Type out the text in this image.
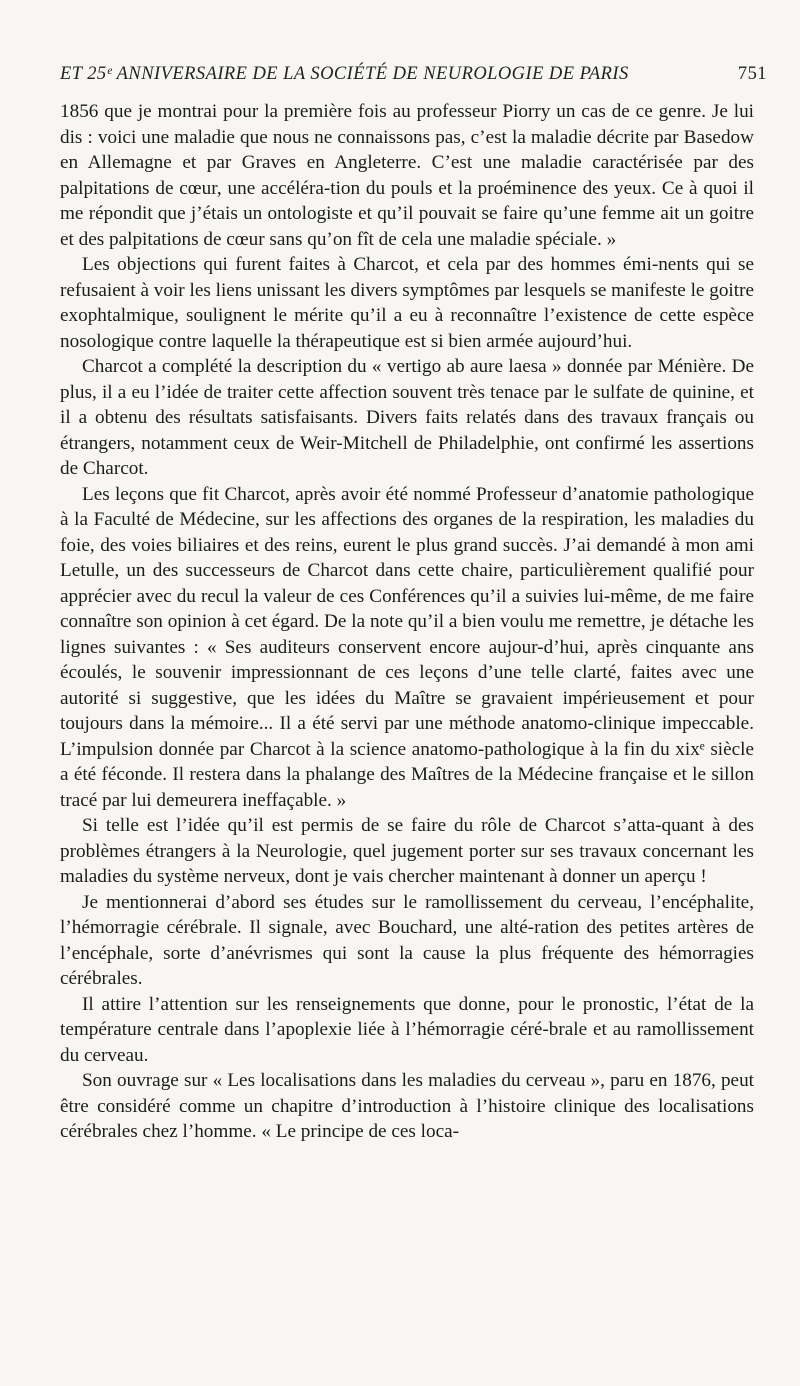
ET 25ᵉ ANNIVERSAIRE DE LA SOCIÉTÉ DE NEUROLOGIE DE PARIS	751

1856 que je montrai pour la première fois au professeur Piorry un cas de ce genre. Je lui dis : voici une maladie que nous ne connaissons pas, c’est la maladie décrite par Basedow en Allemagne et par Graves en Angleterre. C’est une maladie caractérisée par des palpitations de cœur, une accéléra-tion du pouls et la proéminence des yeux. Ce à quoi il me répondit que j’étais un ontologiste et qu’il pouvait se faire qu’une femme ait un goitre et des palpitations de cœur sans qu’on fît de cela une maladie spéciale. »

Les objections qui furent faites à Charcot, et cela par des hommes émi-nents qui se refusaient à voir les liens unissant les divers symptômes par lesquels se manifeste le goitre exophtalmique, soulignent le mérite qu’il a eu à reconnaître l’existence de cette espèce nosologique contre laquelle la thérapeutique est si bien armée aujourd’hui.

Charcot a complété la description du « vertigo ab aure laesa » donnée par Ménière. De plus, il a eu l’idée de traiter cette affection souvent très tenace par le sulfate de quinine, et il a obtenu des résultats satisfaisants. Divers faits relatés dans des travaux français ou étrangers, notamment ceux de Weir-Mitchell de Philadelphie, ont confirmé les assertions de Charcot.

Les leçons que fit Charcot, après avoir été nommé Professeur d’anatomie pathologique à la Faculté de Médecine, sur les affections des organes de la respiration, les maladies du foie, des voies biliaires et des reins, eurent le plus grand succès. J’ai demandé à mon ami Letulle, un des successeurs de Charcot dans cette chaire, particulièrement qualifié pour apprécier avec du recul la valeur de ces Conférences qu’il a suivies lui-même, de me faire connaître son opinion à cet égard. De la note qu’il a bien voulu me remettre, je détache les lignes suivantes : « Ses auditeurs conservent encore aujour-d’hui, après cinquante ans écoulés, le souvenir impressionnant de ces leçons d’une telle clarté, faites avec une autorité si suggestive, que les idées du Maître se gravaient impérieusement et pour toujours dans la mémoire... Il a été servi par une méthode anatomo-clinique impeccable. L’impulsion donnée par Charcot à la science anatomo-pathologique à la fin du xixᵉ siècle a été féconde. Il restera dans la phalange des Maîtres de la Médecine française et le sillon tracé par lui demeurera ineffaçable. »

Si telle est l’idée qu’il est permis de se faire du rôle de Charcot s’atta-quant à des problèmes étrangers à la Neurologie, quel jugement porter sur ses travaux concernant les maladies du système nerveux, dont je vais chercher maintenant à donner un aperçu !

Je mentionnerai d’abord ses études sur le ramollissement du cerveau, l’encéphalite, l’hémorragie cérébrale. Il signale, avec Bouchard, une alté-ration des petites artères de l’encéphale, sorte d’anévrismes qui sont la cause la plus fréquente des hémorragies cérébrales.

Il attire l’attention sur les renseignements que donne, pour le pronostic, l’état de la température centrale dans l’apoplexie liée à l’hémorragie céré-brale et au ramollissement du cerveau.

Son ouvrage sur « Les localisations dans les maladies du cerveau », paru en 1876, peut être considéré comme un chapitre d’introduction à l’histoire clinique des localisations cérébrales chez l’homme. « Le principe de ces loca-
